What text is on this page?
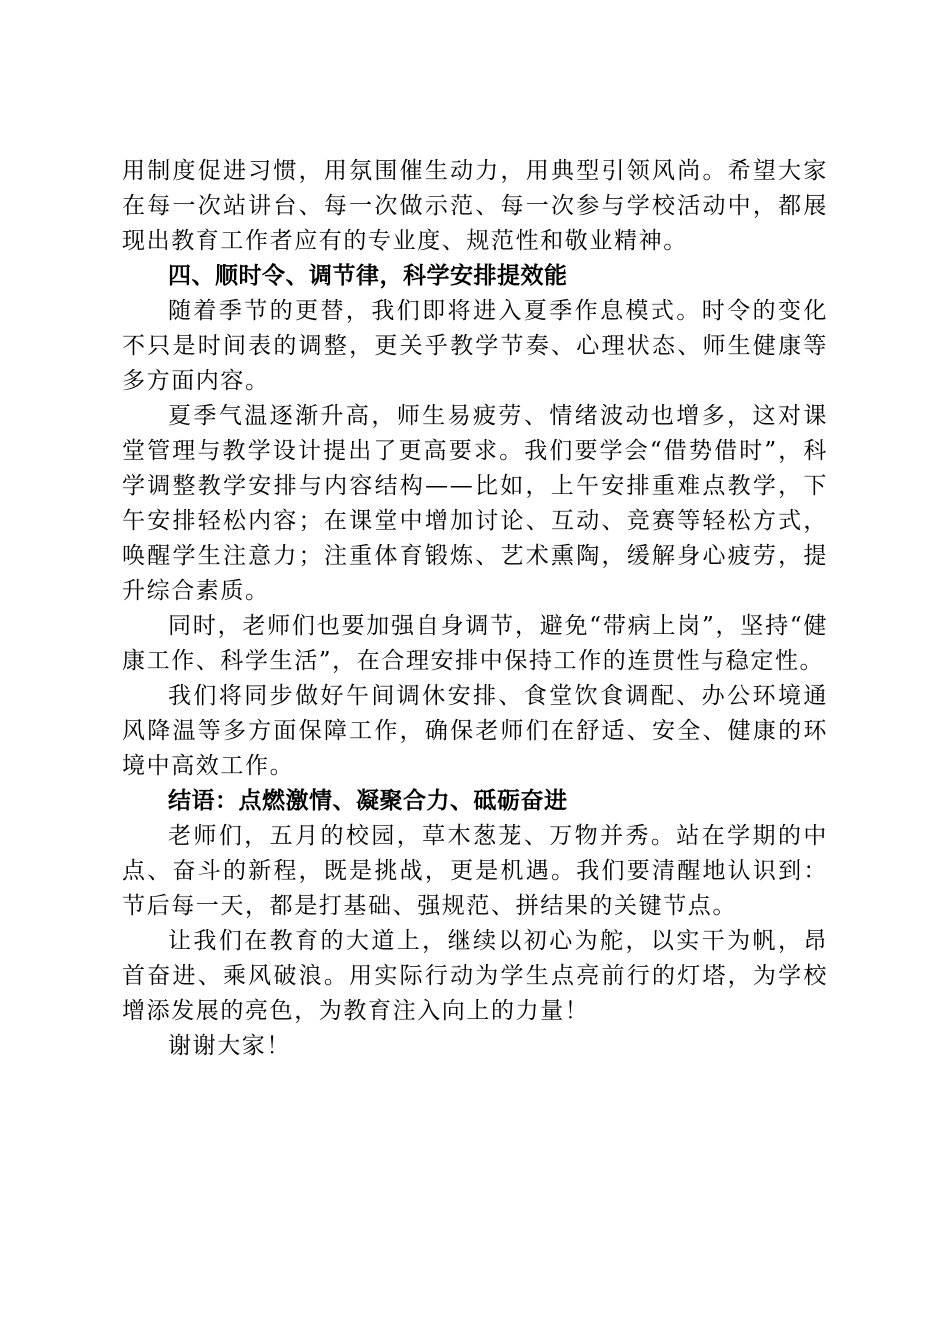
用制度促进习惯，用氛围催生动力，用典型引领风尚。希望大家在每一次站讲台、每一次做示范、每一次参与学校活动中，都展现出教育工作者应有的专业度、规范性和敬业精神。

四、顺时令、调节律，科学安排提效能

随着季节的更替，我们即将进入夏季作息模式。时令的变化不只是时间表的调整，更关乎教学节奏、心理状态、师生健康等多方面内容。

夏季气温逐渐升高，师生易疲劳、情绪波动也增多，这对课堂管理与教学设计提出了更高要求。我们要学会“借势借时”，科学调整教学安排与内容结构——比如，上午安排重难点教学，下午安排轻松内容；在课堂中增加讨论、互动、竞赛等轻松方式，唤醒学生注意力；注重体育锻炼、艺术熏陶，缓解身心疲劳，提升综合素质。

同时，老师们也要加强自身调节，避免“带病上岗”，坚持“健康工作、科学生活”，在合理安排中保持工作的连贯性与稳定性。

我们将同步做好午间调休安排、食堂饮食调配、办公环境通风降温等多方面保障工作，确保老师们在舒适、安全、健康的环境中高效工作。

结语：点燃激情、凝聚合力、砥砺奋进

老师们，五月的校园，草木葱茏、万物并秀。站在学期的中点、奋斗的新程，既是挑战，更是机遇。我们要清醒地认识到：节后每一天，都是打基础、强规范、拼结果的关键节点。

让我们在教育的大道上，继续以初心为舵，以实干为帆，昂首奋进、乘风破浪。用实际行动为学生点亮前行的灯塔，为学校增添发展的亮色，为教育注入向上的力量！

谢谢大家！
